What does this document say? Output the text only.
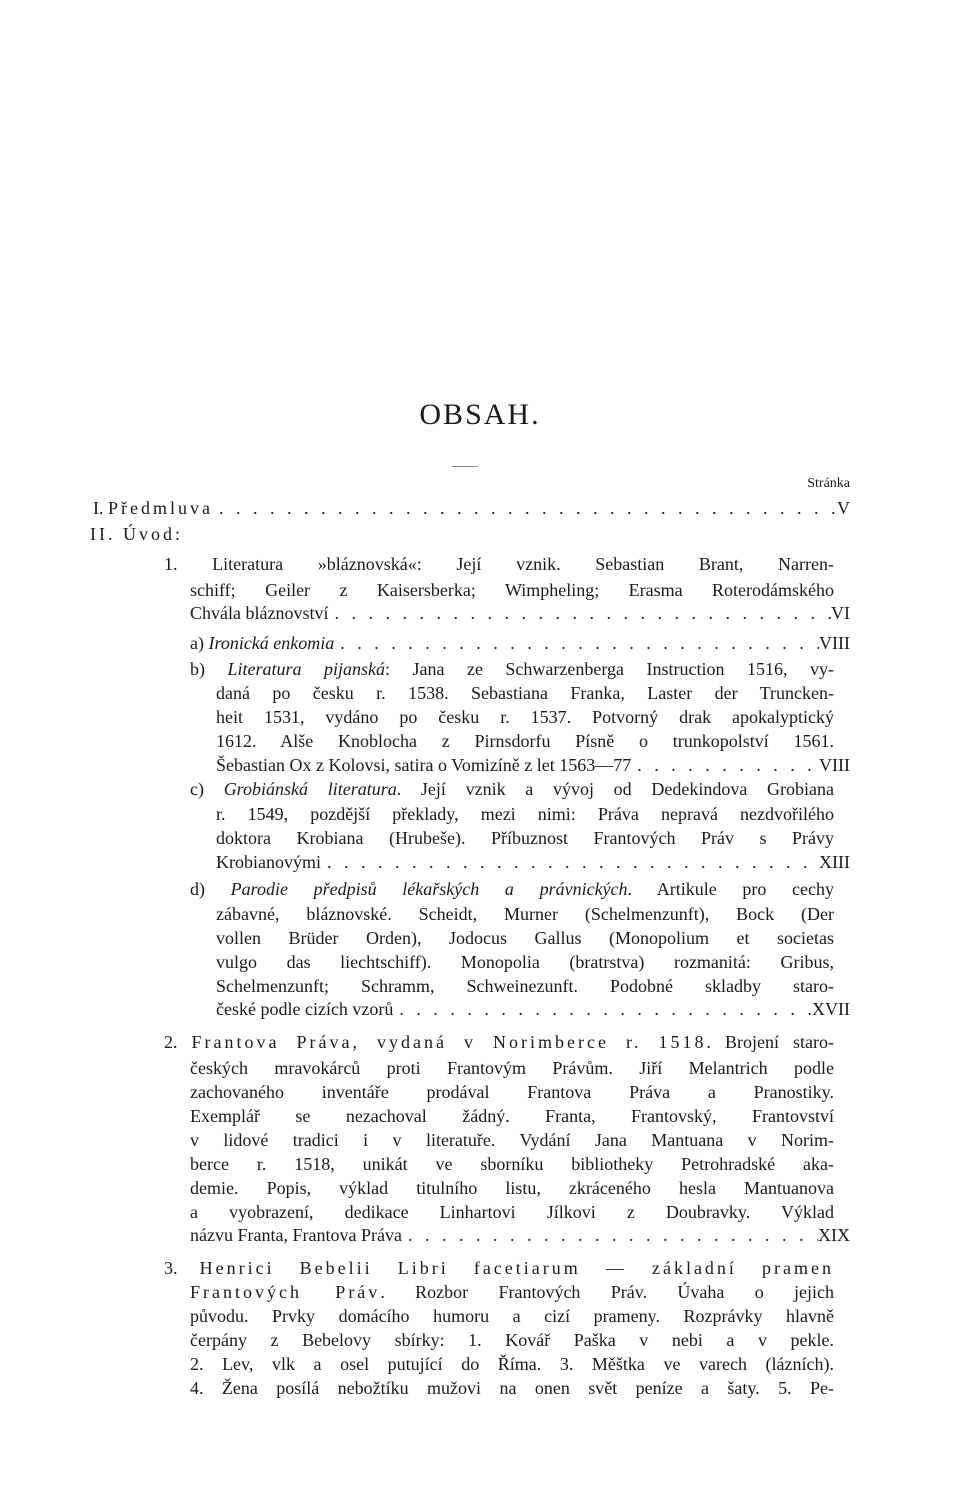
OBSAH.
Stránka
I. Předmluva . . .	V
II. Úvod:
1. Literatura »bláznovská«: Její vznik. Sebastian Brant, Narren-
schiff; Geiler z Kaisersberka; Wimpheling; Erasma Roterodámského
Chvála bláznovství . . .	VI
a) Ironická enkomia . . .	VIII
b) Literatura pijanská: Jana ze Schwarzenberga Instruction 1516, vy-
daná po česku r. 1538. Sebastiana Franka, Laster der Truncken-
heit 1531, vydáno po česku r. 1537. Potvorný drak apokalyptický
1612. Alše Knoblocha z Pirnsdorfu Písně o trunkopolství 1561.
Šebastian Ox z Kolovsi, satira o Vomizíně z let 1563—77 . . .	VIII
c) Grobiánská literatura. Její vznik a vývoj od Dedekindova Grobiana
r. 1549, pozdější překlady, mezi nimi: Práva nepravá nezdvořilého
doktora Krobiana (Hrubeše). Příbuznost Frantových Práv s Právy
Krobianovými . . .	XIII
d) Parodie předpisů lékařských a právnických. Artikule pro cechy
zábavné, bláznovské. Scheidt, Murner (Schelmenzunft), Bock (Der
vollen Brüder Orden), Jodocus Gallus (Monopolium et societas
vulgo das liechtschiff). Monopolia (bratrstva) rozmanitá: Gribus,
Schelmenzunft; Schramm, Schweinezunft. Podobné skladby staro-
české podle cizích vzorů . . .	XVII
2. Frantova Práva, vydaná v Norimberce r. 1518. Brojení staro-
českých mravokárců proti Frantovým Právům. Jiří Melantrich podle
zachovaného inventáře prodával Frantova Práva a Pranostiky.
Exemplář se nezachoval žádný. Franta, Frantovský, Frantovství
v lidové tradici i v literatuře. Vydání Jana Mantuana v Norim-
berce r. 1518, unikát ve sborníku bibliotheky Petrohradské aka-
demie. Popis, výklad titulního listu, zkráceného hesla Mantuanova
a vyobrazení, dedikace Linhartovi Jílkovi z Doubravky. Výklad
názvu Franta, Frantova Práva . . .	XIX
3. Henrici Bebelii Libri facetiarum — základní pramen
Frantových Práv. Rozbor Frantových Práv. Úvaha o jejich
původu. Prvky domácího humoru a cizí prameny. Rozprávky hlavně
čerpány z Bebelovy sbírky: 1. Kovář Paška v nebi a v pekle.
2. Lev, vlk a osel putující do Říma. 3. Měštka ve varech (lázních).
4. Žena posílá nebožtíku mužovi na onen svět peníze a šaty. 5. Pe-
